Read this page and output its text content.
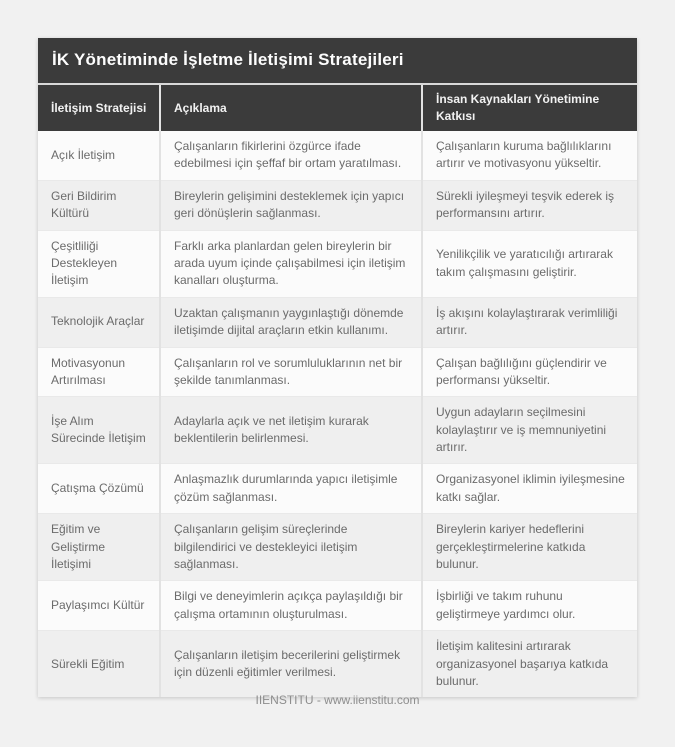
İK Yönetiminde İşletme İletişimi Stratejileri
İletişim Stratejisi	Açıklama	İnsan Kaynakları Yönetimine Katkısı
Açık İletişim	Çalışanların fikirlerini özgürce ifade edebilmesi için şeffaf bir ortam yaratılması.	Çalışanların kuruma bağlılıklarını artırır ve motivasyonu yükseltir.
Geri Bildirim Kültürü	Bireylerin gelişimini desteklemek için yapıcı geri dönüşlerin sağlanması.	Sürekli iyileşmeyi teşvik ederek iş performansını artırır.
Çeşitliliği Destekleyen İletişim	Farklı arka planlardan gelen bireylerin bir arada uyum içinde çalışabilmesi için iletişim kanalları oluşturma.	Yenilikçilik ve yaratıcılığı artırarak takım çalışmasını geliştirir.
Teknolojik Araçlar	Uzaktan çalışmanın yaygınlaştığı dönemde iletişimde dijital araçların etkin kullanımı.	İş akışını kolaylaştırarak verimliliği artırır.
Motivasyonun Artırılması	Çalışanların rol ve sorumluluklarının net bir şekilde tanımlanması.	Çalışan bağlılığını güçlendirir ve performansı yükseltir.
İşe Alım Sürecinde İletişim	Adaylarla açık ve net iletişim kurarak beklentilerin belirlenmesi.	Uygun adayların seçilmesini kolaylaştırır ve iş memnuniyetini artırır.
Çatışma Çözümü	Anlaşmazlık durumlarında yapıcı iletişimle çözüm sağlanması.	Organizasyonel iklimin iyileşmesine katkı sağlar.
Eğitim ve Geliştirme İletişimi	Çalışanların gelişim süreçlerinde bilgilendirici ve destekleyici iletişim sağlanması.	Bireylerin kariyer hedeflerini gerçekleştirmelerine katkıda bulunur.
Paylaşımcı Kültür	Bilgi ve deneyimlerin açıkça paylaşıldığı bir çalışma ortamının oluşturulması.	İşbirliği ve takım ruhunu geliştirmeye yardımcı olur.
Sürekli Eğitim	Çalışanların iletişim becerilerini geliştirmek için düzenli eğitimler verilmesi.	İletişim kalitesini artırarak organizasyonel başarıya katkıda bulunur.
IIENSTITU - www.iienstitu.com
